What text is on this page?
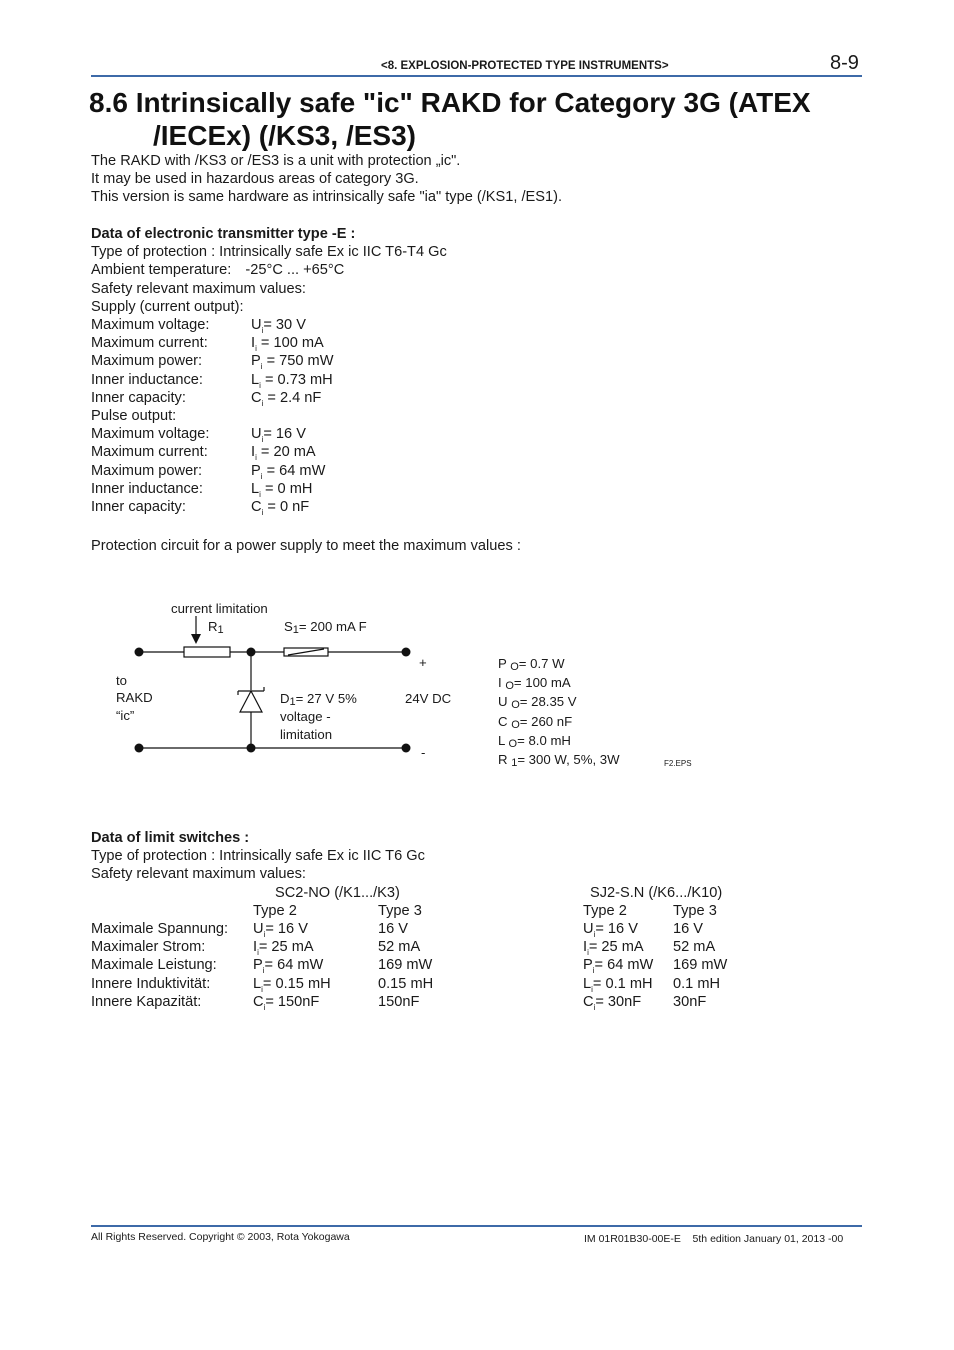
<8. EXPLOSION-PROTECTED TYPE INSTRUMENTS>	8-9
8.6 Intrinsically safe "ic" RAKD for Category 3G (ATEX
/IECEx) (/KS3, /ES3)
The RAKD with /KS3 or /ES3 is a unit with protection „ic".
It may be used in hazardous areas of category 3G.
This version is same hardware as intrinsically safe "ia" type (/KS1, /ES1).
Data of electronic transmitter type -E :
Type of protection : Intrinsically safe Ex ic IIC T6-T4 Gc
Ambient temperature: -25°C ... +65°C
Safety relevant maximum values:
Supply (current output):
Maximum voltage:	$U_i= 30$ V
Maximum current:	$I_i = 100$ mA
Maximum power:	$P_i = 750$ mW
Inner inductance:	$L_i = 0.73$ mH
Inner capacity:	$C_i = 2.4$ nF
Pulse output:
Maximum voltage:	$U_i= 16$ V
Maximum current:	$I_i = 20$ mA
Maximum power:	$P_i = 64$ mW
Inner inductance:	$L_i = 0$ mH
Inner capacity:	$C_i = 0$ nF
Protection circuit for a power supply to meet the maximum values :
current limitation
R1	S1= 200 mA F
+
-
to
RAKD
“ic”
D1= 27 V 5%
voltage -
limitation
24V DC
P O= 0.7 W
I O= 100 mA
U O= 28.35 V
C O= 260 nF
L O= 8.0 mH
R 1= 300 W, 5%, 3W	F2.EPS
Data of limit switches :
Type of protection : Intrinsically safe Ex ic IIC T6 Gc
Safety relevant maximum values:
SC2-NO (/K1.../K3)	SJ2-S.N (/K6.../K10)
Type 2	Type 3	Type 2	Type 3
Maximale Spannung: $U_i= 16$ V	16 V	$U_i= 16$ V 16 V
Maximaler Strom:	$I_i= 25$ mA	52 mA	$I_i= 25$ mA 52 mA
Maximale Leistung: $P_i= 64$ mW	169 mW	$P_i= 64$ mW 169 mW
Innere Induktivität:	$L_i= 0.15$ mH	0.15 mH	$L_i= 0.1$ mH 0.1 mH
Innere Kapazität:	$C_i= 150nF$	150nF	$C_i= 30nF$ 30nF
All Rights Reserved. Copyright © 2003, Rota Yokogawa	IM 01R01B30-00E-E    5th edition January 01, 2013 -00
